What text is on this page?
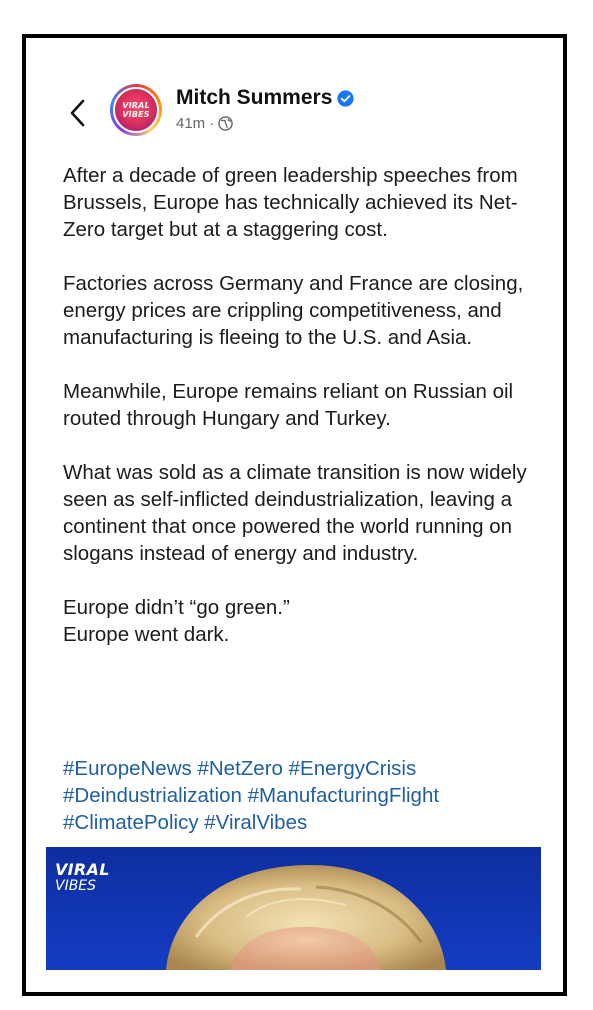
VIRAL
VIBES
Mitch Summers
41m ·
After a decade of green leadership speeches from Brussels, Europe has technically achieved its Net-Zero target but at a staggering cost.
Factories across Germany and France are closing, energy prices are crippling competitiveness, and manufacturing is fleeing to the U.S. and Asia.
Meanwhile, Europe remains reliant on Russian oil routed through Hungary and Turkey.
What was sold as a climate transition is now widely seen as self-inflicted deindustrialization, leaving a continent that once powered the world running on slogans instead of energy and industry.
Europe didn’t “go green.”
Europe went dark.
#EuropeNews #NetZero #EnergyCrisis
#Deindustrialization #ManufacturingFlight
#ClimatePolicy #ViralVibes
VIRAL
VIBES
